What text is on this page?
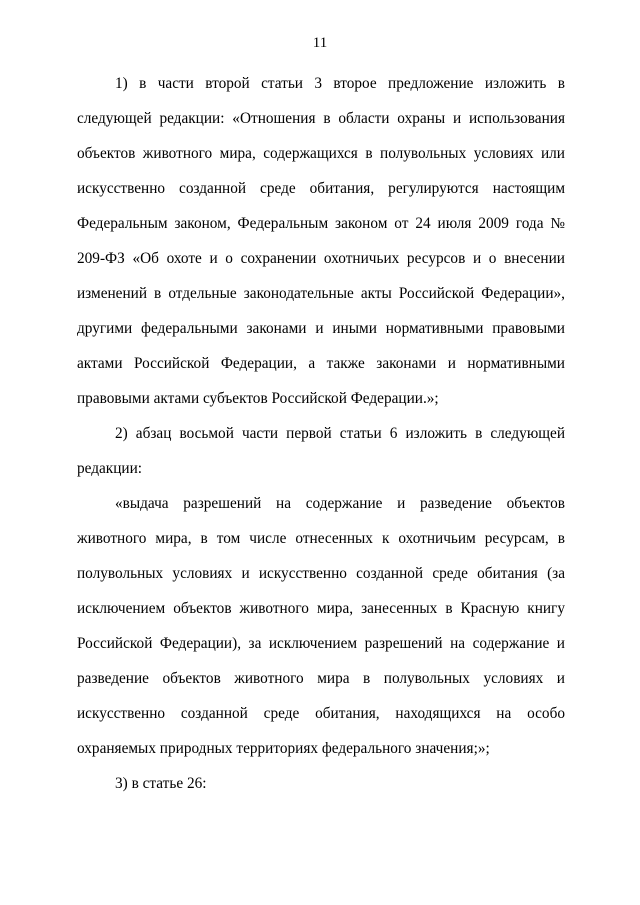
11

1) в части второй статьи 3 второе предложение изложить в следующей редакции: «Отношения в области охраны и использования объектов животного мира, содержащихся в полувольных условиях или искусственно созданной среде обитания, регулируются настоящим Федеральным законом, Федеральным законом от 24 июля 2009 года № 209-ФЗ «Об охоте и о сохранении охотничьих ресурсов и о внесении изменений в отдельные законодательные акты Российской Федерации», другими федеральными законами и иными нормативными правовыми актами Российской Федерации, а также законами и нормативными правовыми актами субъектов Российской Федерации.»;

2) абзац восьмой части первой статьи 6 изложить в следующей редакции:

«выдача разрешений на содержание и разведение объектов животного мира, в том числе отнесенных к охотничьим ресурсам, в полувольных условиях и искусственно созданной среде обитания (за исключением объектов животного мира, занесенных в Красную книгу Российской Федерации), за исключением разрешений на содержание и разведение объектов животного мира в полувольных условиях и искусственно созданной среде обитания, находящихся на особо охраняемых природных территориях федерального значения;»;

3) в статье 26:
